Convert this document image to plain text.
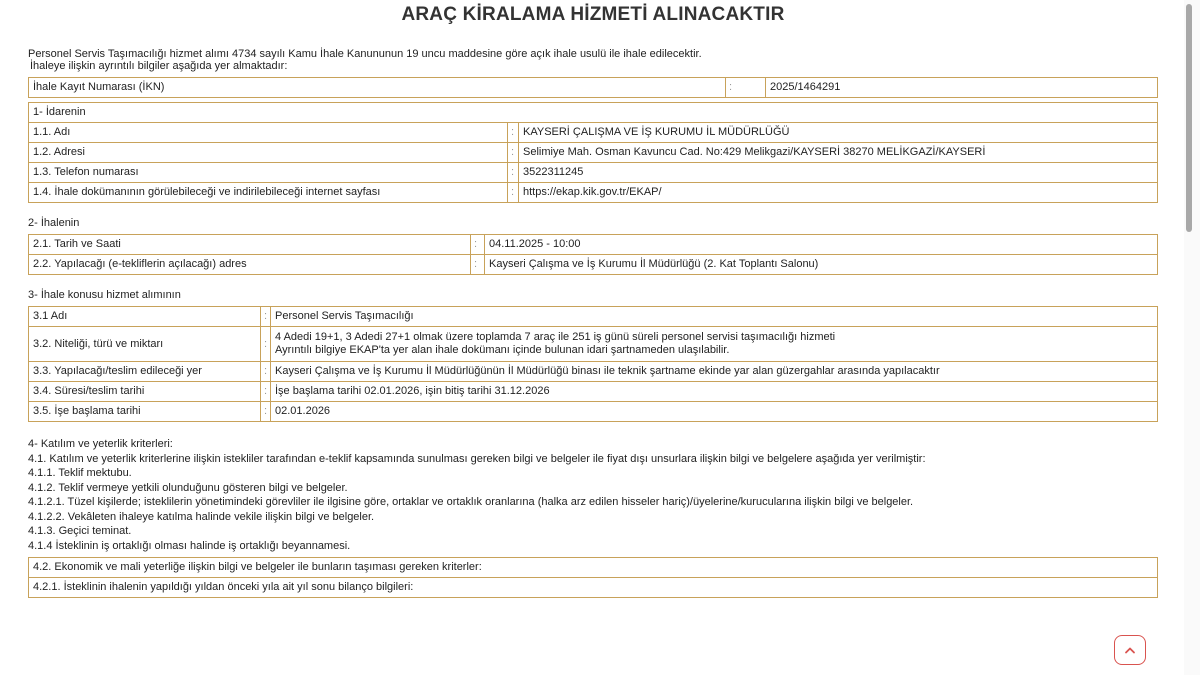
ARAÇ KİRALAMA HİZMETİ ALINACAKTIR
Personel Servis Taşımacılığı hizmet alımı 4734 sayılı Kamu İhale Kanununun 19 uncu maddesine göre açık ihale usulü ile ihale edilecektir.
İhaleye ilişkin ayrıntılı bilgiler aşağıda yer almaktadır:
İhale Kayıt Numarası (İKN)	:	2025/1464291
1- İdarenin		
1.1. Adı	:	KAYSERİ ÇALIŞMA VE İŞ KURUMU İL MÜDÜRLÜĞÜ
1.2. Adresi	:	Selimiye Mah. Osman Kavuncu Cad. No:429 Melikgazi/KAYSERİ 38270 MELİKGAZİ/KAYSERİ
1.3. Telefon numarası	:	3522311245
1.4. İhale dokümanının görülebileceği ve indirilebileceği internet sayfası	:	https://ekap.kik.gov.tr/EKAP/
2- İhalenin
2.1. Tarih ve Saati	:	04.11.2025 - 10:00
2.2. Yapılacağı (e-tekliflerin açılacağı) adres	:	Kayseri Çalışma ve İş Kurumu İl Müdürlüğü (2. Kat Toplantı Salonu)
3- İhale konusu hizmet alımının
3.1 Adı	:	Personel Servis Taşımacılığı
3.2. Niteliği, türü ve miktarı	:	4 Adedi 19+1, 3 Adedi 27+1 olmak üzere toplamda 7 araç ile 251 iş günü süreli personel servisi taşımacılığı hizmeti
Ayrıntılı bilgiye EKAP'ta yer alan ihale dokümanı içinde bulunan idari şartnameden ulaşılabilir.

3.3. Yapılacağı/teslim edileceği yer	:	Kayseri Çalışma ve İş Kurumu İl Müdürlüğünün İl Müdürlüğü binası ile teknik şartname ekinde yar alan güzergahlar arasında yapılacaktır
3.4. Süresi/teslim tarihi	:	İşe başlama tarihi 02.01.2026, işin bitiş tarihi 31.12.2026
3.5. İşe başlama tarihi	:	02.01.2026
4- Katılım ve yeterlik kriterleri:
4.1. Katılım ve yeterlik kriterlerine ilişkin istekliler tarafından e-teklif kapsamında sunulması gereken bilgi ve belgeler ile fiyat dışı unsurlara ilişkin bilgi ve belgelere aşağıda yer verilmiştir:
4.1.1. Teklif mektubu.
4.1.2. Teklif vermeye yetkili olunduğunu gösteren bilgi ve belgeler.
4.1.2.1. Tüzel kişilerde; isteklilerin yönetimindeki görevliler ile ilgisine göre, ortaklar ve ortaklık oranlarına (halka arz edilen hisseler hariç)/üyelerine/kurucularına ilişkin bilgi ve belgeler.
4.1.2.2. Vekâleten ihaleye katılma halinde vekile ilişkin bilgi ve belgeler.
4.1.3. Geçici teminat.
4.1.4 İsteklinin iş ortaklığı olması halinde iş ortaklığı beyannamesi.
4.2. Ekonomik ve mali yeterliğe ilişkin bilgi ve belgeler ile bunların taşıması gereken kriterler:
4.2.1. İsteklinin ihalenin yapıldığı yıldan önceki yıla ait yıl sonu bilanço bilgileri:
